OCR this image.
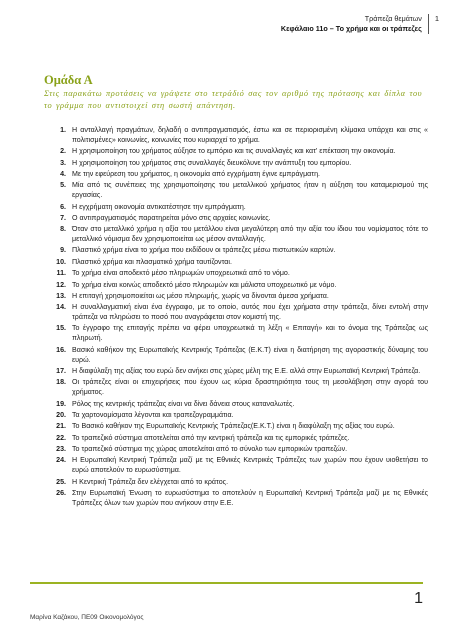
Τράπεζα θεμάτων
Κεφάλαιο 11ο – Το χρήμα και οι τράπεζες
1
Ομάδα Α
Στις παρακάτω προτάσεις να γράψετε στο τετράδιό σας τον αριθμό της πρότασης και δίπλα του το γράμμα που αντιστοιχεί στη σωστή απάντηση.
1. Η ανταλλαγή πραγμάτων, δηλαδή ο αντιπραγματισμός, έστω και σε περιορισμένη κλίμακα υπάρχει και στις « πολιτισμένες» κοινωνίες, κοινωνίες που κυριαρχεί το χρήμα.
2. Η χρησιμοποίηση του χρήματος αύξησε το εμπόριο και τις συναλλαγές και κατ' επέκταση την οικονομία.
3. Η χρησιμοποίηση του χρήματος στις συναλλαγές διευκόλυνε την ανάπτυξη του εμπορίου.
4. Με την εφεύρεση του χρήματος, η οικονομία από εγχρήματη έγινε εμπράγματη.
5. Μία από τις συνέπειες της χρησιμοποίησης του μεταλλικού χρήματος ήταν η αύξηση του καταμερισμού της εργασίας.
6. Η εγχρήματη οικονομία αντικατέστησε την εμπράγματη.
7. Ο αντιπραγματισμός παρατηρείται μόνο στις αρχαίες κοινωνίες.
8. Όταν στο μεταλλικό χρήμα η αξία του μετάλλου είναι μεγαλύτερη από την αξία του ίδιου του νομίσματος τότε το μεταλλικό νόμισμα δεν χρησιμοποιείται ως μέσον ανταλλαγής.
9. Πλαστικό χρήμα είναι το χρήμα που εκδίδουν οι τράπεζες μέσω πιστωτικών καρτών.
10. Πλαστικό χρήμα και πλασματικό χρήμα ταυτίζονται.
11. Το χρήμα είναι αποδεκτό μέσο πληρωμών υποχρεωτικά από το νόμο.
12. Το χρήμα είναι κοινώς αποδεκτό μέσο πληρωμών και μάλιστα υποχρεωτικό με νόμο.
13. Η επιταγή χρησιμοποιείται ως μέσο πληρωμής, χωρίς να δίνονται άμεσα χρήματα.
14. Η συναλλαγματική είναι ένα έγγραφο, με το οποίο, αυτός που έχει χρήματα στην τράπεζα, δίνει εντολή στην τράπεζα να πληρώσει το ποσό που αναγράφεται στον κομιστή της.
15. Το έγγραφο της επιταγής πρέπει να φέρει υποχρεωτικά τη λέξη « Επιταγή» και το όνομα της Τράπεζας ως πληρωτή.
16. Βασικό καθήκον της Ευρωπαϊκής Κεντρικής Τράπεζας (Ε.Κ.Τ) είναι η διατήρηση της αγοραστικής δύναμης του ευρώ.
17. Η διαφύλαξη της αξίας του ευρώ δεν ανήκει στις χώρες μέλη της Ε.Ε. αλλά στην Ευρωπαϊκή Κεντρική Τράπεζα.
18. Οι τράπεζες είναι οι επιχειρήσεις που έχουν ως κύρια δραστηριότητα τους τη μεσολάβηση στην αγορά του χρήματος.
19. Ρόλος της κεντρικής τράπεζας είναι να δίνει δάνεια στους καταναλωτές.
20. Τα χαρτονομίσματα λέγονται και τραπεζογραμμάτια.
21. Το Βασικό καθήκον της Ευρωπαϊκής Κεντρικής Τράπεζας(Ε.Κ.Τ.) είναι η διαφύλαξη της αξίας του ευρώ.
22. Το τραπεζικό σύστημα αποτελείται από την κεντρική τράπεζα και τις εμπορικές τράπεζες.
23. Το τραπεζικό σύστημα της χώρας αποτελείται από το σύνολο των εμπορικών τραπεζών.
24. Η Ευρωπαϊκή Κεντρική Τράπεζα μαζί με τις Εθνικές Κεντρικές Τράπεζες των χωρών που έχουν υιοθετήσει το ευρώ αποτελούν το ευρωσύστημα.
25. Η Κεντρική Τράπεζα δεν ελέγχεται από το κράτος.
26. Στην Ευρωπαϊκή Ένωση το ευρωσύστημα το αποτελούν η Ευρωπαϊκή Κεντρική Τράπεζα μαζί με τις Εθνικές Τράπεζες όλων των χωρών που ανήκουν στην Ε.Ε.
Μαρίνα Καζάκου, ΠΕ09 Οικονομολόγος
1
